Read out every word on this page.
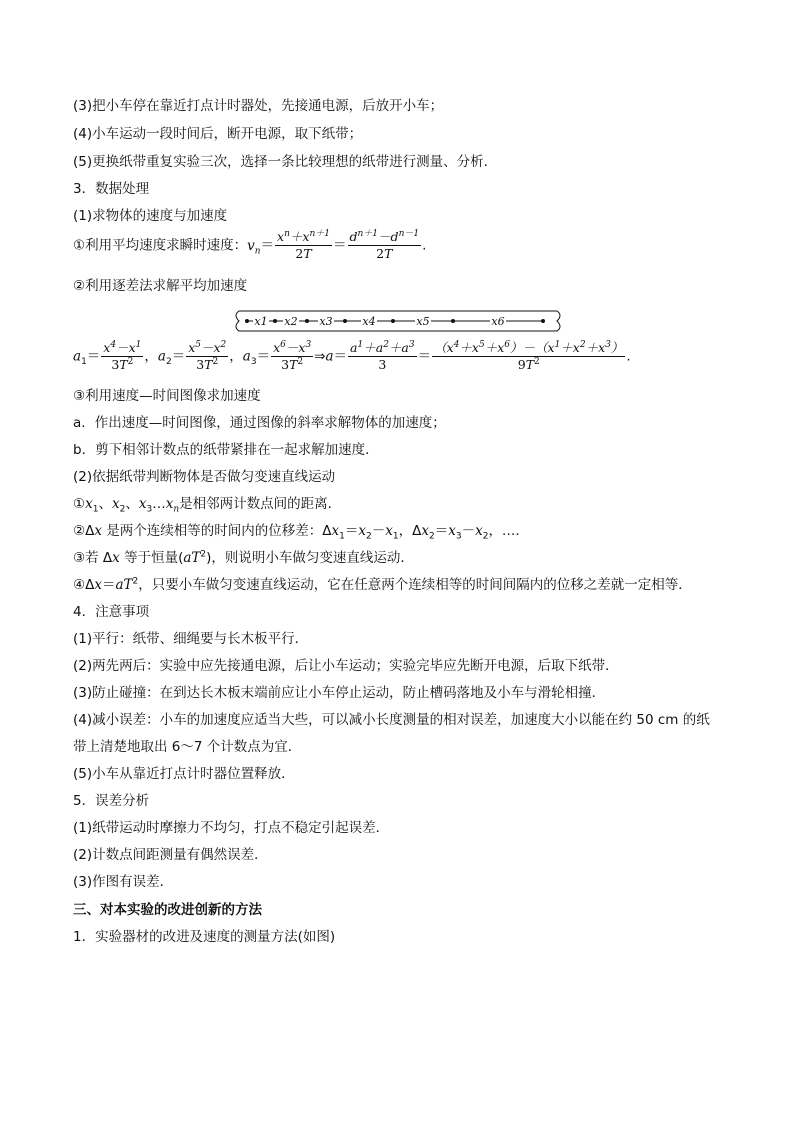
(3)把小车停在靠近打点计时器处，先接通电源，后放开小车；
(4)小车运动一段时间后，断开电源，取下纸带；
(5)更换纸带重复实验三次，选择一条比较理想的纸带进行测量、分析．
3．数据处理
(1)求物体的速度与加速度
①利用平均速度求瞬时速度：$v_n= \frac{x^n+x^{n+1}}{2T} = \frac{d^{n+1}-d^{n-1}}{2T}$ .
②利用逐差法求解平均加速度
x1 x2 x3	x4	x5	x6
$a_1= \frac{x^4-x^1}{3T^2}$ ，$a_2= \frac{x^5-x^2}{3T^2}$ ，$a_3= \frac{x^6-x^3}{3T^2}$ ⇒a＝ $\frac{a^1+a^2+a^3}{3} = \frac{(x^4+x^5+x^6)-(x^1+x^2+x^3)}{9T^2}$ .
③利用速度—时间图像求加速度
a．作出速度—时间图像，通过图像的斜率求解物体的加速度；
b．剪下相邻计数点的纸带紧排在一起求解加速度．
(2)依据纸带判断物体是否做匀变速直线运动
$①x_1$、$x_2$、$x_3\dots x_n$是相邻两计数点间的距离．
②Δx 是两个连续相等的时间内的位移差：$\Delta x_1=x_2-x_1$，$\Delta x_2=x_3-x_2$，….
③若 Δx 等于恒量$(aT^2)$，则说明小车做匀变速直线运动．
$④\Delta x=aT^2$，只要小车做匀变速直线运动，它在任意两个连续相等的时间间隔内的位移之差就一定相等．
4．注意事项
(1)平行：纸带、细绳要与长木板平行．
(2)两先两后：实验中应先接通电源，后让小车运动；实验完毕应先断开电源，后取下纸带．
(3)防止碰撞：在到达长木板末端前应让小车停止运动，防止槽码落地及小车与滑轮相撞．
(4)减小误差：小车的加速度应适当大些，可以减小长度测量的相对误差，加速度大小以能在约 50 cm 的纸
带上清楚地取出 6～7 个计数点为宜．
(5)小车从靠近打点计时器位置释放．
5．误差分析
(1)纸带运动时摩擦力不均匀，打点不稳定引起误差．
(2)计数点间距测量有偶然误差．
(3)作图有误差．
三、对本实验的改进创新的方法
1．实验器材的改进及速度的测量方法(如图)
